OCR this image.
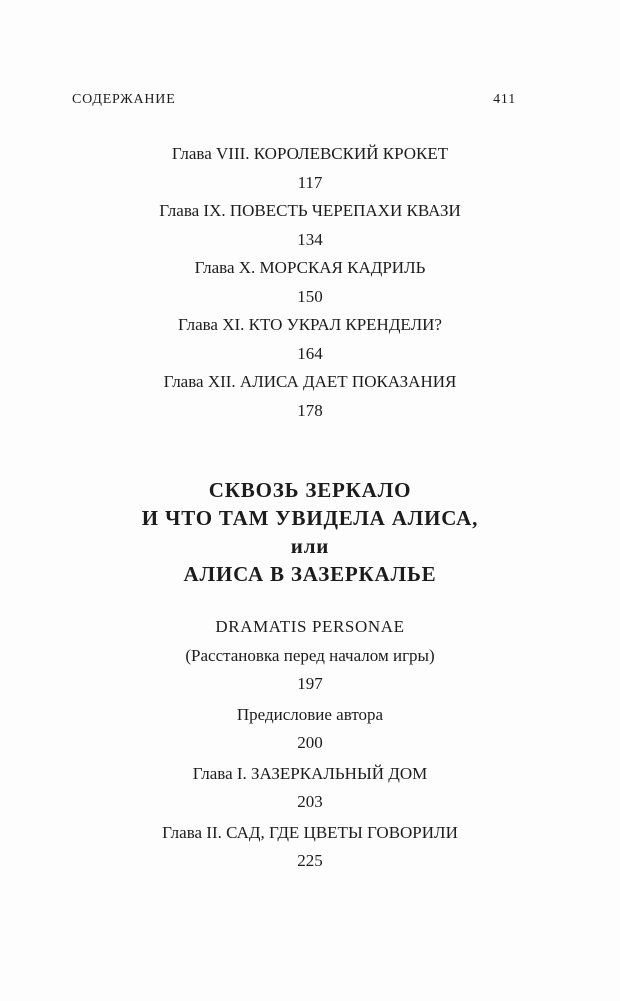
СОДЕРЖАНИЕ	411
Глава VIII. КОРОЛЕВСКИЙ КРОКЕТ
117
Глава IX. ПОВЕСТЬ ЧЕРЕПАХИ КВАЗИ
134
Глава X. МОРСКАЯ КАДРИЛЬ
150
Глава XI. КТО УКРАЛ КРЕНДЕЛИ?
164
Глава XII. АЛИСА ДАЕТ ПОКАЗАНИЯ
178
СКВОЗЬ ЗЕРКАЛО
И ЧТО ТАМ УВИДЕЛА АЛИСА,
или
АЛИСА В ЗАЗЕРКАЛЬЕ
DRAMATIS PERSONAE
(Расстановка перед началом игры)
197
Предисловие автора
200
Глава I. ЗАЗЕРКАЛЬНЫЙ ДОМ
203
Глава II. САД, ГДЕ ЦВЕТЫ ГОВОРИЛИ
225
